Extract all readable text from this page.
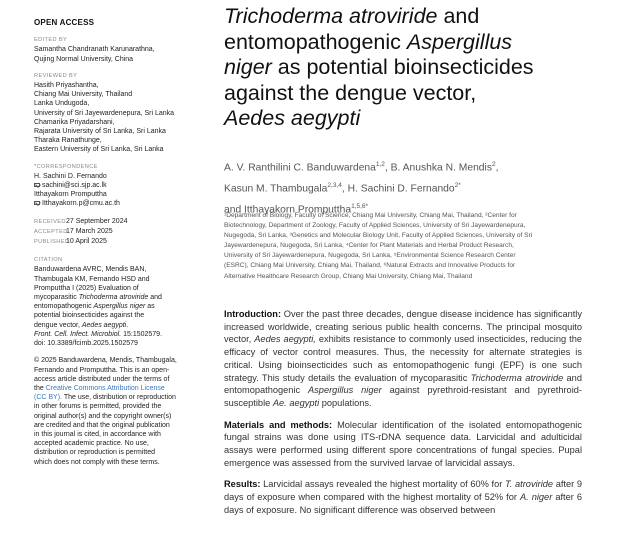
OPEN ACCESS
EDITED BY

Samantha Chandranath Karunarathna,

Qujing Normal University, China

REVIEWED BY

Hasith Priyashantha,

Chiang Mai University, Thailand

Lanka Undugoda,

University of Sri Jayewardenepura, Sri Lanka

Chamarika Priyadarshani,

Rajarata University of Sri Lanka, Sri Lanka

Tharaka Ranathunge,

Eastern University of Sri Lanka, Sri Lanka

*CORRESPONDENCE

H. Sachini D. Fernando

sachini@sci.sjp.ac.lk

Itthayakorn Promputtha

Itthayakorn.p@cmu.ac.th

RECEIVED 27 September 2024
ACCEPTED
17 March 2025
PUBLISHED
10 April 2025
CITATION

Banduwardena AVRC, Mendis BAN,

Thambugala KM, Fernando HSD and

Promputtha I (2025) Evaluation of

mycoparasitic Trichoderma atroviride and

entomopathogenic Aspergillus niger as

potential bioinsecticides against the

dengue vector, Aedes aegypti.

Front. Cell. Infect. Microbiol. 15:1502579.

doi: 10.3389/fcimb.2025.1502579

© 2025 Banduwardena, Mendis, Thambugala,

Fernando and Promputtha. This is an open-

access article distributed under the terms of

the Creative Commons Attribution License

(CC BY). The use, distribution or reproduction

in other forums is permitted, provided the

original author(s) and the copyright owner(s)

are credited and that the original publication

in this journal is cited, in accordance with

accepted academic practice. No use,

distribution or reproduction is permitted

which does not comply with these terms.

Trichoderma atroviride and
entomopathogenic Aspergillus
niger as potential bioinsecticides
against the dengue vector,
Aedes aegypti
A. V. Ranthilini C. Banduwardena$^{1,2}$, B. Anushka N. Mendis$^2$,
Kasun M. Thambugala$^{2,3,4}$, H. Sachini D. Fernando$^{2*}$
and Itthayakorn Promputtha$^{1,5,6*}$
¹Department of Biology, Faculty of Science, Chiang Mai University, Chiang Mai, Thailand, ²Center for
Biotechnology, Department of Zoology, Faculty of Applied Sciences, University of Sri Jayewardenepura,
Nugegoda, Sri Lanka, ³Genetics and Molecular Biology Unit, Faculty of Applied Sciences, University of Sri
Jayewardenepura, Nugegoda, Sri Lanka, ⁴Center for Plant Materials and Herbal Product Research,
University of Sri Jayewardenepura, Nugegoda, Sri Lanka, ⁵Environmental Science Research Center
(ESRC), Chiang Mai University, Chiang Mai, Thailand, ⁶Natural Extracts and Innovative Products for
Alternative Healthcare Research Group, Chiang Mai University, Chiang Mai, Thailand

Introduction: Over the past three decades, dengue disease incidence has significantly increased worldwide, creating serious public health concerns. The principal mosquito vector, Aedes aegypti, exhibits resistance to commonly used insecticides, reducing the efficacy of vector control measures. Thus, the necessity for alternate strategies is critical. Using bioinsecticides such as entomopathogenic fungi (EPF) is one such strategy. This study details the evaluation of mycoparasitic Trichoderma atroviride and entomopathogenic Aspergillus niger against pyrethroid-resistant and pyrethroid-susceptible Ae. aegypti populations.

Materials and methods: Molecular identification of the isolated entomopathogenic fungal strains was done using ITS-rDNA sequence data. Larvicidal and adulticidal assays were performed using different spore concentrations of fungal species. Pupal emergence was assessed from the survived larvae of larvicidal assays.

Results: Larvicidal assays revealed the highest mortality of 60% for T. atroviride after 9 days of exposure when compared with the highest mortality of 52% for A. niger after 6 days of exposure. No significant difference was observed between
